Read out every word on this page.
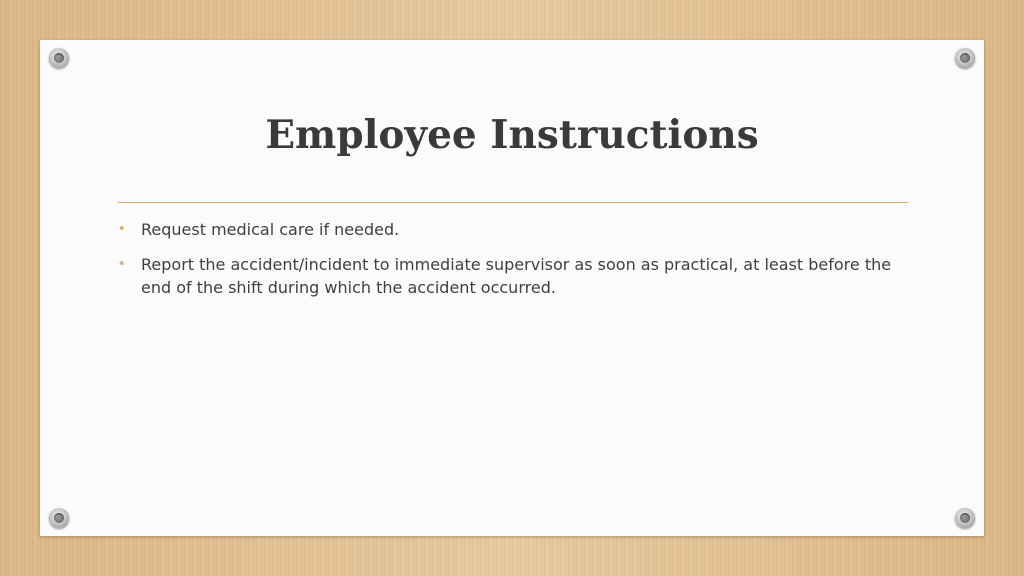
Employee Instructions
• Request medical care if needed.
• Report the accident/incident to immediate supervisor as soon as practical, at least before the end of the shift during which the accident occurred.
